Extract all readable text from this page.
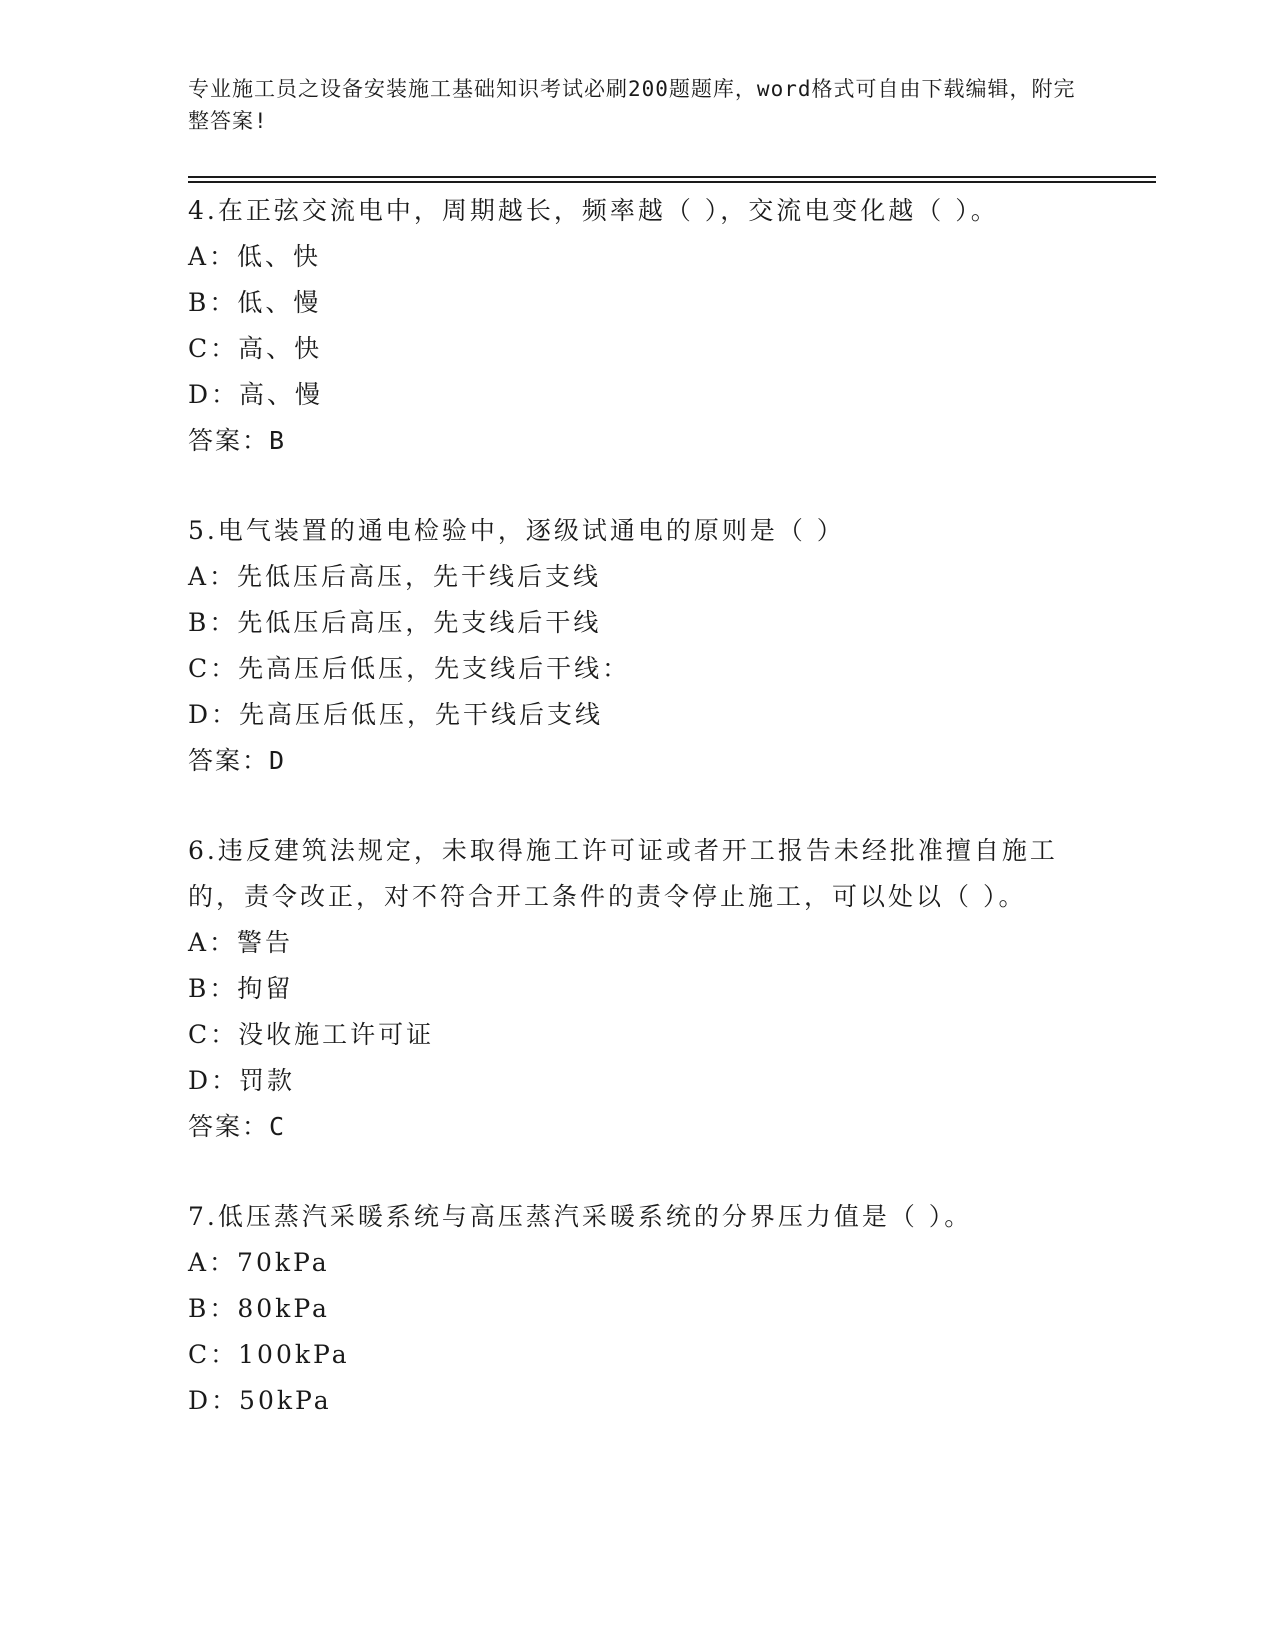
专业施工员之设备安装施工基础知识考试必刷200题题库，word格式可自由下载编辑，附完整答案!
4.在正弦交流电中，周期越长，频率越（ ），交流电变化越（ ）。
A：低、快
B：低、慢
C：高、快
D：高、慢
答案：B
5.电气装置的通电检验中，逐级试通电的原则是（ ）
A：先低压后高压，先干线后支线
B：先低压后高压，先支线后干线
C：先高压后低压，先支线后干线：
D：先高压后低压，先干线后支线
答案：D
6.违反建筑法规定，未取得施工许可证或者开工报告未经批准擅自施工的，责令改正，对不符合开工条件的责令停止施工，可以处以（ ）。
A：警告
B：拘留
C：没收施工许可证
D：罚款
答案：C
7.低压蒸汽采暖系统与高压蒸汽采暖系统的分界压力值是（ ）。
A：70kPa
B：80kPa
C：100kPa
D：50kPa
